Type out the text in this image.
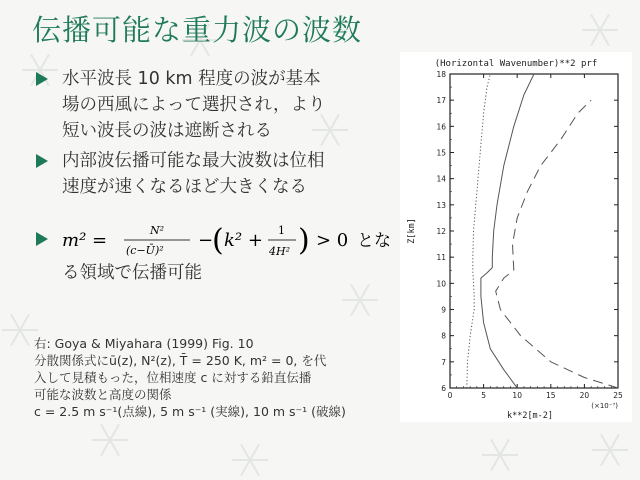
伝播可能な重力波の波数
水平波長 10 km 程度の波が基本
場の西風によって選択され，より
短い波長の波は遮断される
内部波伝播可能な最大波数は位相
速度が速くなるほど大きくなる
m² =	N²
(c−Ū)² −
( k² + 1
4H² ) > 0 とな
る領域で伝播可能
右: Goya & Miyahara (1999) Fig. 10
分散関係式にū(z), N²(z), T̄ = 250 K, m² = 0, を代
入して見積もった，位相速度 c に対する鉛直伝播
可能な波数と高度の関係
c = 2.5 m s⁻¹(点線), 5 m s⁻¹ (実線), 10 m s⁻¹ (破線)
(Horizontal Wavenumber)**2 prf
6
7
8
9
10
11
12
13
14
15
16
17
18
0	5	10	15	20	25
(×10⁻⁷)
k**2[m-2]
Z[km]
